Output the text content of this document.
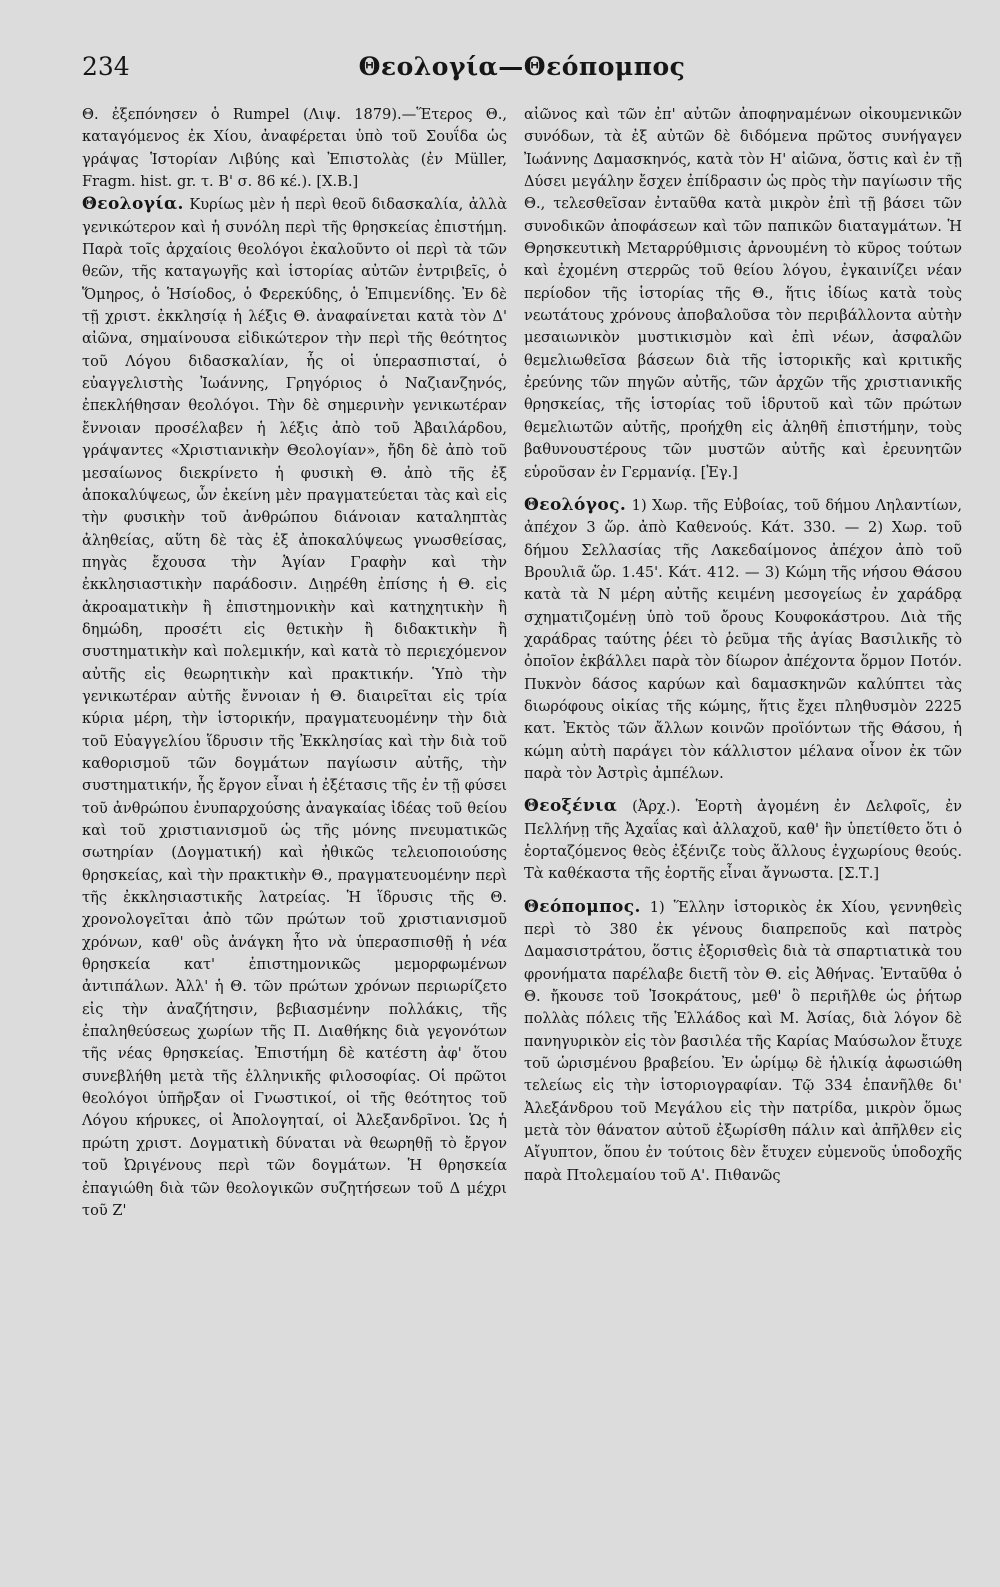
234	Θεολογία—Θεόπομπος

Θ. ἐξεπόνησεν ὁ Rumpel (Λιψ. 1879).—Ἕτερος Θ., καταγόμενος ἐκ Χίου, ἀναφέρεται ὑπὸ τοῦ Σουΐδα ὡς γράψας Ἱστορίαν Λιβύης καὶ Ἐπιστολὰς (ἐν Müller, Fragm. hist. gr. τ. Β' σ. 86 κέ.). [Χ.Β.]

Θεολογία. Κυρίως μὲν ἡ περὶ θεοῦ διδασκαλία, ἀλλὰ γενικώτερον καὶ ἡ συνόλη περὶ τῆς θρησκείας ἐπιστήμη. Παρὰ τοῖς ἀρχαίοις θεολόγοι ἐκαλοῦντο οἱ περὶ τὰ τῶν θεῶν, τῆς καταγωγῆς καὶ ἱστορίας αὐτῶν ἐντριβεῖς, ὁ Ὅμηρος, ὁ Ἡσίοδος, ὁ Φερεκύδης, ὁ Ἐπιμενίδης. Ἐν δὲ τῇ χριστ. ἐκκλησίᾳ ἡ λέξις Θ. ἀναφαίνεται κατὰ τὸν Δ' αἰῶνα, σημαίνουσα εἰδικώτερον τὴν περὶ τῆς θεότητος τοῦ Λόγου διδασκαλίαν, ἧς οἱ ὑπερασπισταί, ὁ εὐαγγελιστὴς Ἰωάννης, Γρηγόριος ὁ Ναζιανζηνός, ἐπεκλήθησαν θεολόγοι. Τὴν δὲ σημερινὴν γενικωτέραν ἔννοιαν προσέλαβεν ἡ λέξις ἀπὸ τοῦ Ἀβαιλάρδου, γράψαντες «Χριστιανικὴν Θεολογίαν», ἤδη δὲ ἀπὸ τοῦ μεσαίωνος διεκρίνετο ἡ φυσικὴ Θ. ἀπὸ τῆς ἐξ ἀποκαλύψεως, ὧν ἐκείνη μὲν πραγματεύεται τὰς καὶ εἰς τὴν φυσικὴν τοῦ ἀνθρώπου διάνοιαν καταληπτὰς ἀληθείας, αὕτη δὲ τὰς ἐξ ἀποκαλύψεως γνωσθείσας, πηγὰς ἔχουσα τὴν Ἁγίαν Γραφὴν καὶ τὴν ἐκκλησιαστικὴν παράδοσιν. Διῃρέθη ἐπίσης ἡ Θ. εἰς ἀκροαματικὴν ἢ ἐπιστημονικὴν καὶ κατηχητικὴν ἢ δημώδη, προσέτι εἰς θετικὴν ἢ διδακτικὴν ἢ συστηματικὴν καὶ πολεμικήν, καὶ κατὰ τὸ περιεχόμενον αὐτῆς εἰς θεωρητικὴν καὶ πρακτικήν. Ὑπὸ τὴν γενικωτέραν αὐτῆς ἔννοιαν ἡ Θ. διαιρεῖται εἰς τρία κύρια μέρη, τὴν ἱστορικήν, πραγματευομένην τὴν διὰ τοῦ Εὐαγγελίου ἵδρυσιν τῆς Ἐκκλησίας καὶ τὴν διὰ τοῦ καθορισμοῦ τῶν δογμάτων παγίωσιν αὐτῆς, τὴν συστηματικήν, ἧς ἔργον εἶναι ἡ ἐξέτασις τῆς ἐν τῇ φύσει τοῦ ἀνθρώπου ἐνυπαρχούσης ἀναγκαίας ἰδέας τοῦ θείου καὶ τοῦ χριστιανισμοῦ ὡς τῆς μόνης πνευματικῶς σωτηρίαν (Δογματική) καὶ ἠθικῶς τελειοποιούσης θρησκείας, καὶ τὴν πρακτικὴν Θ., πραγματευομένην περὶ τῆς ἐκκλησιαστικῆς λατρείας. Ἡ ἵδρυσις τῆς Θ. χρονολογεῖται ἀπὸ τῶν πρώτων τοῦ χριστιανισμοῦ χρόνων, καθ' οὓς ἀνάγκη ἦτο νὰ ὑπερασπισθῇ ἡ νέα θρησκεία κατ' ἐπιστημονικῶς μεμορφωμένων ἀντιπάλων. Ἀλλ' ἡ Θ. τῶν πρώτων χρόνων περιωρίζετο εἰς τὴν ἀναζήτησιν, βεβιασμένην πολλάκις, τῆς ἐπαληθεύσεως χωρίων τῆς Π. Διαθήκης διὰ γεγονότων τῆς νέας θρησκείας. Ἐπιστήμη δὲ κατέστη ἀφ' ὅτου συνεβλήθη μετὰ τῆς ἑλληνικῆς φιλοσοφίας. Οἱ πρῶτοι θεολόγοι ὑπῆρξαν οἱ Γνωστικοί, οἱ τῆς θεότητος τοῦ Λόγου κήρυκες, οἱ Ἀπολογηταί, οἱ Ἀλεξανδρῖνοι. Ὡς ἡ πρώτη χριστ. Δογματικὴ δύναται νὰ θεωρηθῇ τὸ ἔργον τοῦ Ὠριγένους περὶ τῶν δογμάτων. Ἡ θρησκεία ἐπαγιώθη διὰ τῶν θεολογικῶν συζητήσεων τοῦ Δ μέχρι τοῦ Ζ'

αἰῶνος καὶ τῶν ἐπ' αὐτῶν ἀποφηναμένων οἰκουμενικῶν συνόδων, τὰ ἐξ αὐτῶν δὲ διδόμενα πρῶτος συνήγαγεν Ἰωάννης Δαμασκηνός, κατὰ τὸν Η' αἰῶνα, ὅστις καὶ ἐν τῇ Δύσει μεγάλην ἔσχεν ἐπίδρασιν ὡς πρὸς τὴν παγίωσιν τῆς Θ., τελεσθεῖσαν ἐνταῦθα κατὰ μικρὸν ἐπὶ τῇ βάσει τῶν συνοδικῶν ἀποφάσεων καὶ τῶν παπικῶν διαταγμάτων. Ἡ Θρησκευτικὴ Μεταρρύθμισις ἀρνουμένη τὸ κῦρος τούτων καὶ ἐχομένη στερρῶς τοῦ θείου λόγου, ἐγκαινίζει νέαν περίοδον τῆς ἱστορίας τῆς Θ., ἥτις ἰδίως κατὰ τοὺς νεωτάτους χρόνους ἀποβαλοῦσα τὸν περιβάλλοντα αὐτὴν μεσαιωνικὸν μυστικισμὸν καὶ ἐπὶ νέων, ἀσφαλῶν θεμελιωθεῖσα βάσεων διὰ τῆς ἱστορικῆς καὶ κριτικῆς ἐρεύνης τῶν πηγῶν αὐτῆς, τῶν ἀρχῶν τῆς χριστιανικῆς θρησκείας, τῆς ἱστορίας τοῦ ἱδρυτοῦ καὶ τῶν πρώτων θεμελιωτῶν αὐτῆς, προήχθη εἰς ἀληθῆ ἐπιστήμην, τοὺς βαθυνουστέρους τῶν μυστῶν αὐτῆς καὶ ἐρευνητῶν εὑροῦσαν ἐν Γερμανίᾳ. [Ἐγ.]

Θεολόγος. 1) Χωρ. τῆς Εὐβοίας, τοῦ δήμου Ληλαντίων, ἀπέχον 3 ὥρ. ἀπὸ Καθενούς. Κάτ. 330. — 2) Χωρ. τοῦ δήμου Σελλασίας τῆς Λακεδαίμονος ἀπέχον ἀπὸ τοῦ Βρουλιᾶ ὥρ. 1.45'. Κάτ. 412. — 3) Κώμη τῆς νήσου Θάσου κατὰ τὰ Ν μέρη αὐτῆς κειμένη μεσογείως ἐν χαράδρᾳ σχηματιζομένῃ ὑπὸ τοῦ ὄρους Κουφοκάστρου. Διὰ τῆς χαράδρας ταύτης ῥέει τὸ ῥεῦμα τῆς ἁγίας Βασιλικῆς τὸ ὁποῖον ἐκβάλλει παρὰ τὸν δίωρον ἀπέχοντα ὅρμον Ποτόν. Πυκνὸν δάσος καρύων καὶ δαμασκηνῶν καλύπτει τὰς διωρόφους οἰκίας τῆς κώμης, ἥτις ἔχει πληθυσμὸν 2225 κατ. Ἐκτὸς τῶν ἄλλων κοινῶν προϊόντων τῆς Θάσου, ἡ κώμη αὐτὴ παράγει τὸν κάλλιστον μέλανα οἶνον ἐκ τῶν παρὰ τὸν Ἀστρὶς ἀμπέλων.

Θεοξένια (Ἀρχ.). Ἑορτὴ ἀγομένη ἐν Δελφοῖς, ἐν Πελλήνῃ τῆς Ἀχαΐας καὶ ἀλλαχοῦ, καθ' ἣν ὑπετίθετο ὅτι ὁ ἑορταζόμενος θεὸς ἐξένιζε τοὺς ἄλλους ἐγχωρίους θεούς. Τὰ καθέκαστα τῆς ἑορτῆς εἶναι ἄγνωστα. [Σ.Τ.]

Θεόπομπος. 1) Ἕλλην ἱστορικὸς ἐκ Χίου, γεννηθεὶς περὶ τὸ 380 ἐκ γένους διαπρεποῦς καὶ πατρὸς Δαμασιστράτου, ὅστις ἐξορισθεὶς διὰ τὰ σπαρτιατικὰ του φρονήματα παρέλαβε διετῆ τὸν Θ. εἰς Ἀθήνας. Ἐνταῦθα ὁ Θ. ἤκουσε τοῦ Ἰσοκράτους, μεθ' ὃ περιῆλθε ὡς ῥήτωρ πολλὰς πόλεις τῆς Ἑλλάδος καὶ Μ. Ἀσίας, διὰ λόγον δὲ πανηγυρικὸν εἰς τὸν βασιλέα τῆς Καρίας Μαύσωλον ἔτυχε τοῦ ὡρισμένου βραβείου. Ἐν ὡρίμῳ δὲ ἡλικίᾳ ἀφωσιώθη τελείως εἰς τὴν ἱστοριογραφίαν. Τῷ 334 ἐπανῆλθε δι' Ἀλεξάνδρου τοῦ Μεγάλου εἰς τὴν πατρίδα, μικρὸν ὅμως μετὰ τὸν θάνατον αὐτοῦ ἐξωρίσθη πάλιν καὶ ἀπῆλθεν εἰς Αἴγυπτον, ὅπου ἐν τούτοις δὲν ἔτυχεν εὐμενοῦς ὑποδοχῆς παρὰ Πτολεμαίου τοῦ Α'. Πιθανῶς
